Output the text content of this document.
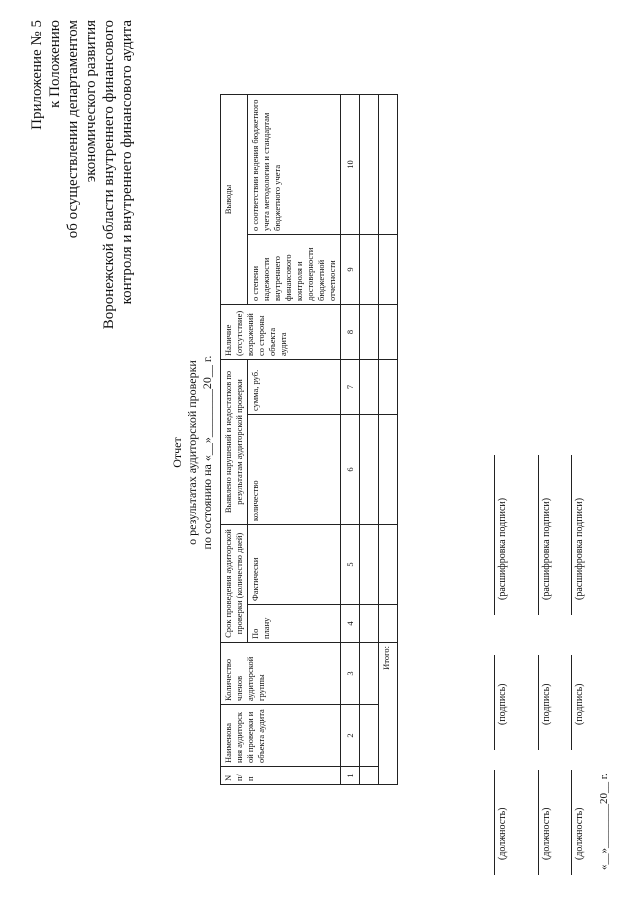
Приложение № 5 к Положению об осуществлении департаментом экономического развития Воронежской области внутреннего финансового контроля и внутреннего финансового аудита
Отчет о результатах аудиторской проверки по состоянию на «__»________20__ г.
N п/п	Наименова ния аудиторск ой проверки и объекта аудита	Количество членов аудиторской группы	Срок проведения аудиторской проверки (количество дней)		Выявлено нарушений и недостатков по результатам аудиторской проверки		Наличие (отсутствие) возражений со стороны объекта аудита	Выводы	
			По плану	Фактически	количество	сумма, руб.		о степени надежности внутреннего финансового контроля и достоверности бюджетной отчетности	о соответствии ведения бюджетного учета методологии и стандартам бюджетного учета
1	2	3	4	5	6	7	8	9	10

Итого:									
(должность)
(подпись)
(расшифровка подписи)
(должность)
(подпись)
(расшифровка подписи)
(должность)
(подпись)
(расшифровка подписи)
«__»________20__ г.
